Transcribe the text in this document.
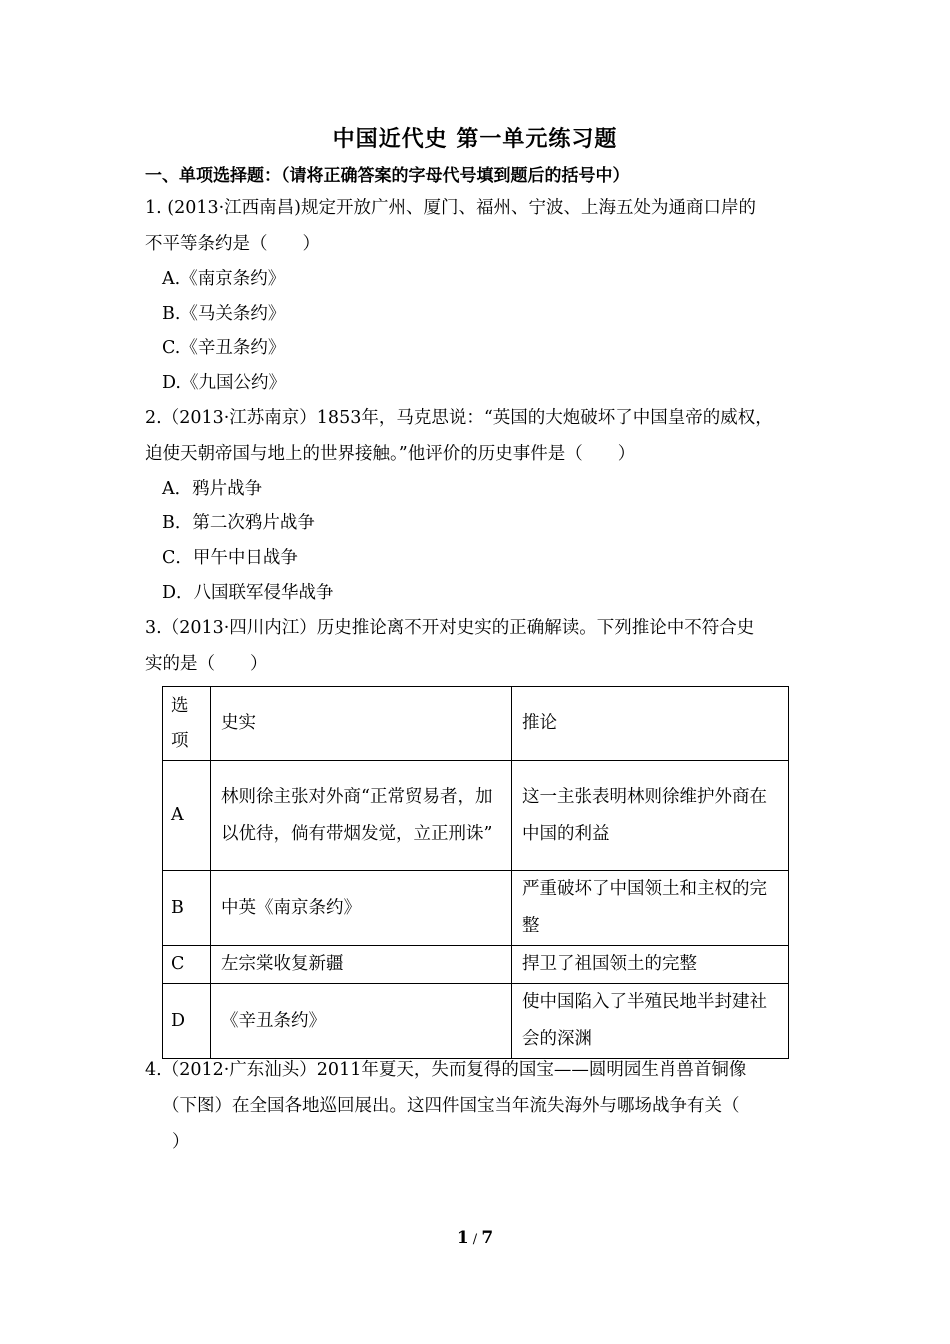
中国近代史 第一单元练习题
一、单项选择题：（请将正确答案的字母代号填到题后的括号中）
1. (2013·江西南昌)规定开放广州、厦门、福州、宁波、上海五处为通商口岸的
不平等条约是（　　）
A.《南京条约》
B.《马关条约》
C.《辛丑条约》
D.《九国公约》
2.（2013·江苏南京）1853年，马克思说：“英国的大炮破坏了中国皇帝的威权，
迫使天朝帝国与地上的世界接触。”他评价的历史事件是（　　）
A．鸦片战争
B．第二次鸦片战争
C．甲午中日战争
D．八国联军侵华战争
3.（2013·四川内江）历史推论离不开对史实的正确解读。下列推论中不符合史
实的是（　　）
选项	史实	推论
A	林则徐主张对外商“正常贸易者，加以优待，倘有带烟发觉，立正刑诛”	这一主张表明林则徐维护外商在中国的利益
B	中英《南京条约》	严重破坏了中国领土和主权的完整
C	左宗棠收复新疆	捍卫了祖国领土的完整
D	《辛丑条约》	使中国陷入了半殖民地半封建社会的深渊
4.（2012·广东汕头）2011年夏天，失而复得的国宝——圆明园生肖兽首铜像
（下图）在全国各地巡回展出。这四件国宝当年流失海外与哪场战争有关（
）
1 / 7
